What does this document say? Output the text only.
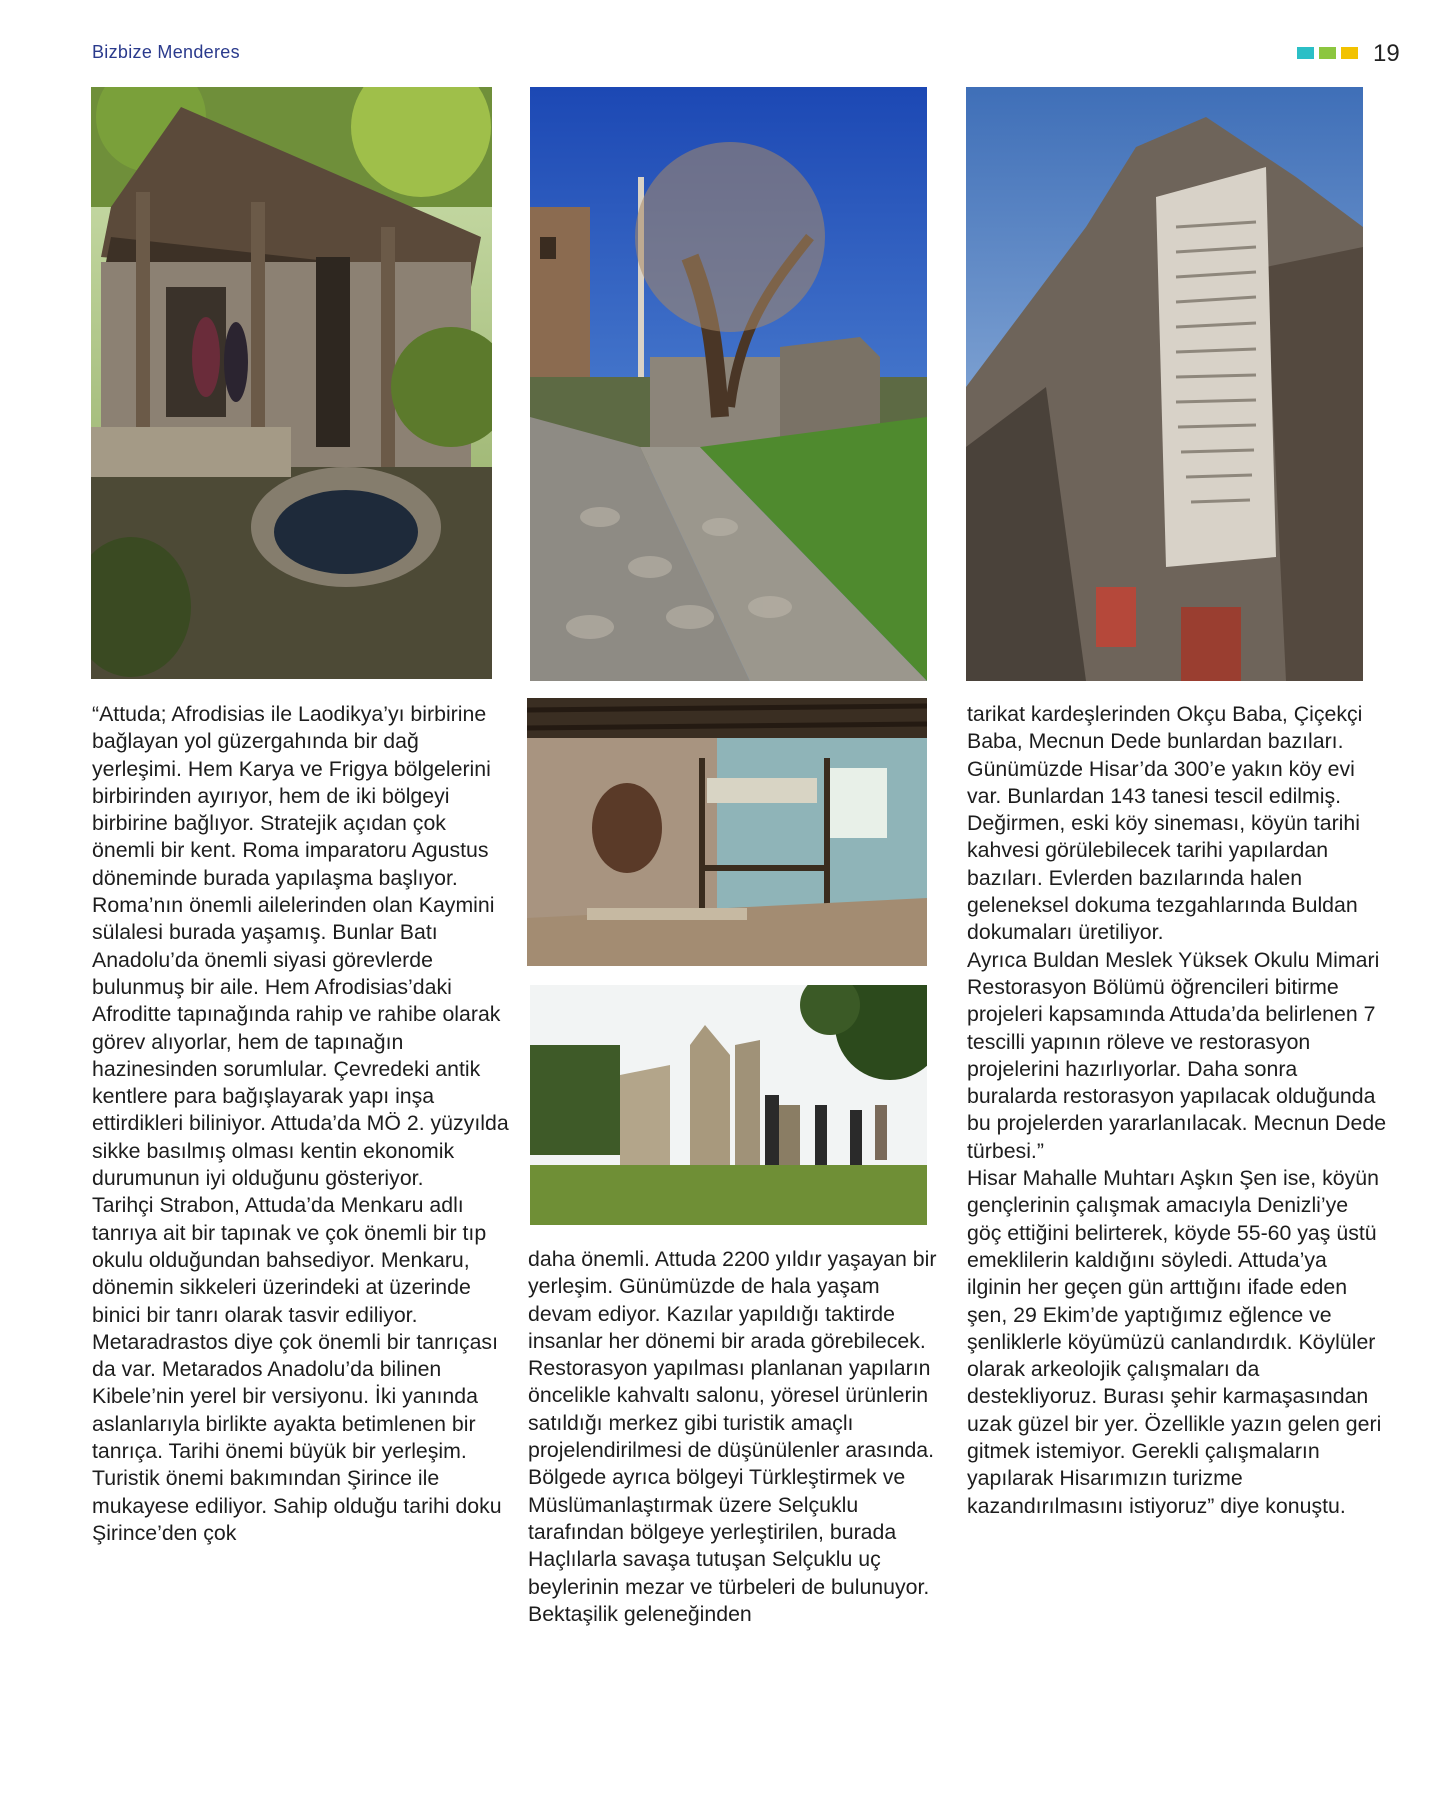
Bizbize Menderes	19

“Attuda; Afrodisias ile Laodikya’yı birbirine bağlayan yol güzergahında bir dağ yerleşimi. Hem Karya ve Frigya bölgelerini birbirinden ayırıyor, hem de iki bölgeyi birbirine bağlıyor. Stratejik açıdan çok önemli bir kent. Roma imparatoru Agustus döneminde burada yapılaşma başlıyor. Roma’nın önemli ailelerinden olan Kaymini sülalesi burada yaşamış. Bunlar Batı Anadolu’da önemli siyasi görevlerde bulunmuş bir aile. Hem Afrodisias’daki Afroditte tapınağında rahip ve rahibe olarak görev alıyorlar, hem de tapınağın hazinesinden sorumlular. Çevredeki antik kentlere para bağışlayarak yapı inşa ettirdikleri biliniyor. Attuda’da MÖ 2. yüzyılda sikke basılmış olması kentin ekonomik durumunun iyi olduğunu gösteriyor.

Tarihçi Strabon, Attuda’da Menkaru adlı tanrıya ait bir tapınak ve çok önemli bir tıp okulu olduğundan bahsediyor. Menkaru, dönemin sikkeleri üzerindeki at üzerinde binici bir tanrı olarak tasvir ediliyor. Metaradrastos diye çok önemli bir tanrıçası da var. Metarados Anadolu’da bilinen Kibele’nin yerel bir versiyonu. İki yanında aslanlarıyla birlikte ayakta betimlenen bir tanrıça. Tarihi önemi büyük bir yerleşim. Turistik önemi bakımından Şirince ile mukayese ediliyor. Sahip olduğu tarihi doku Şirince’den çok

daha önemli. Attuda 2200 yıldır yaşayan bir yerleşim. Günümüzde de hala yaşam devam ediyor. Kazılar yapıldığı taktirde insanlar her dönemi bir arada görebilecek. Restorasyon yapılması planlanan yapıların öncelikle kahvaltı salonu, yöresel ürünlerin satıldığı merkez gibi turistik amaçlı projelendirilmesi de düşünülenler arasında.

Bölgede ayrıca bölgeyi Türkleştirmek ve Müslümanlaştırmak üzere Selçuklu tarafından bölgeye yerleştirilen, burada Haçlılarla savaşa tutuşan Selçuklu uç beylerinin mezar ve türbeleri de bulunuyor. Bektaşilik geleneğinden

tarikat kardeşlerinden Okçu Baba, Çiçekçi Baba, Mecnun Dede bunlardan bazıları. Günümüzde Hisar’da 300’e yakın köy evi var. Bunlardan 143 tanesi tescil edilmiş. Değirmen, eski köy sineması, köyün tarihi kahvesi görülebilecek tarihi yapılardan bazıları. Evlerden bazılarında halen geleneksel dokuma tezgahlarında Buldan dokumaları üretiliyor.

Ayrıca Buldan Meslek Yüksek Okulu Mimari Restorasyon Bölümü öğrencileri bitirme projeleri kapsamında Attuda’da belirlenen 7 tescilli yapının röleve ve restorasyon projelerini hazırlıyorlar. Daha sonra buralarda restorasyon yapılacak olduğunda bu projelerden yararlanılacak. Mecnun Dede türbesi.”

Hisar Mahalle Muhtarı Aşkın Şen ise, köyün gençlerinin çalışmak amacıyla Denizli’ye göç ettiğini belirterek, köyde 55-60 yaş üstü emeklilerin kaldığını söyledi. Attuda’ya ilginin her geçen gün arttığını ifade eden şen, 29 Ekim’de yaptığımız eğlence ve şenliklerle köyümüzü canlandırdık. Köylüler olarak arkeolojik çalışmaları da destekliyoruz. Burası şehir karmaşasından uzak güzel bir yer. Özellikle yazın gelen geri gitmek istemiyor. Gerekli çalışmaların yapılarak Hisarımızın turizme kazandırılmasını istiyoruz” diye konuştu.
